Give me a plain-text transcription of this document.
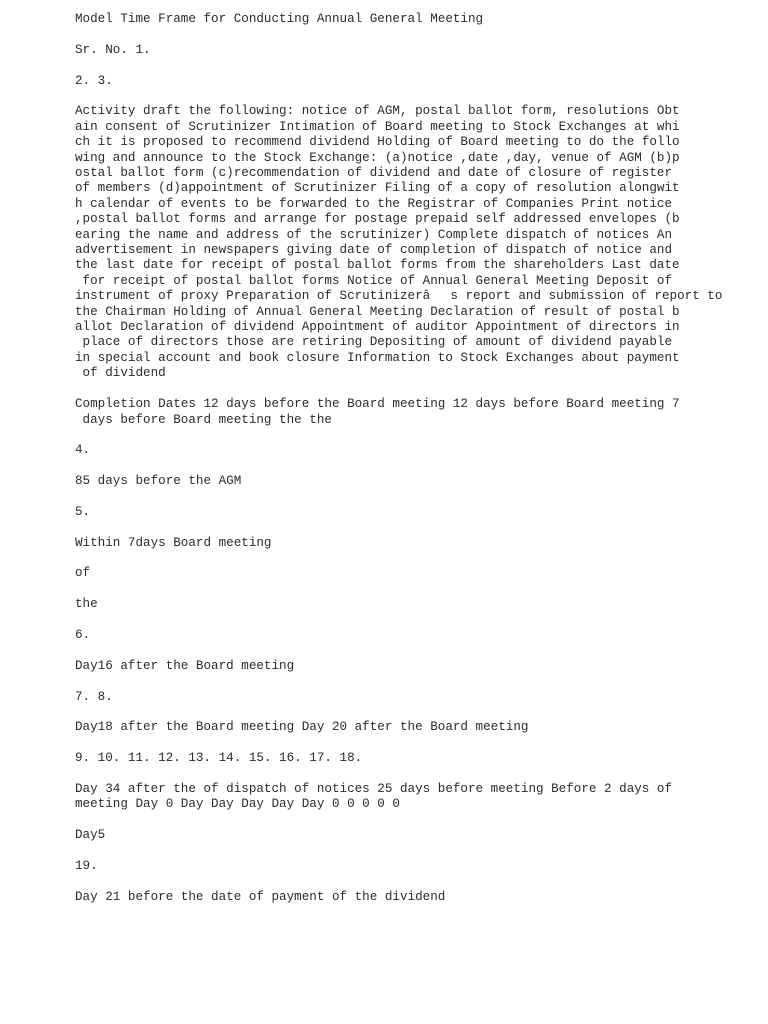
Model Time Frame for Conducting Annual General Meeting

Sr. No. 1.

2. 3.

Activity draft the following: notice of AGM, postal ballot form, resolutions Obt
ain consent of Scrutinizer Intimation of Board meeting to Stock Exchanges at whi
ch it is proposed to recommend dividend Holding of Board meeting to do the follo
wing and announce to the Stock Exchange: (a)notice ,date ,day, venue of AGM (b)p
ostal ballot form (c)recommendation of dividend and date of closure of register
of members (d)appointment of Scrutinizer Filing of a copy of resolution alongwit
h calendar of events to be forwarded to the Registrar of Companies Print notice
,postal ballot forms and arrange for postage prepaid self addressed envelopes (b
earing the name and address of the scrutinizer) Complete dispatch of notices An
advertisement in newspapers giving date of completion of dispatch of notice and
the last date for receipt of postal ballot forms from the shareholders Last date
for receipt of postal ballot forms Notice of Annual General Meeting Deposit of
instrument of proxy Preparation of Scrutinizerâs report and submission of report to
the Chairman Holding of Annual General Meeting Declaration of result of postal b
allot Declaration of dividend Appointment of auditor Appointment of directors in
place of directors those are retiring Depositing of amount of dividend payable
in special account and book closure Information to Stock Exchanges about payment
of dividend

Completion Dates 12 days before the Board meeting 12 days before Board meeting 7
days before Board meeting the the

4.

85 days before the AGM

5.

Within 7days Board meeting

of

the

6.

Day16 after the Board meeting

7. 8.

Day18 after the Board meeting Day 20 after the Board meeting

9. 10. 11. 12. 13. 14. 15. 16. 17. 18.

Day 34 after the of dispatch of notices 25 days before meeting Before 2 days of
meeting Day 0 Day Day Day Day Day 0 0 0 0 0

Day5

19.

Day 21 before the date of payment of the dividend
